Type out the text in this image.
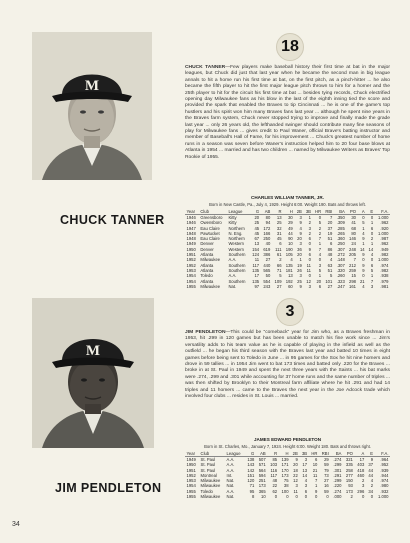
M
CHUCK TANNER
18
CHUCK TANNER—Few players make baseball history their first time at bat in the major leagues, but Chuck did just that last year when he became the second man in big league annals to hit a home run his first time at bat, on the first pitch, as a pinch-hitter ... he also became the fifth player to hit the first major league pitch thrown to him for a homer and the 25th player to hit for the circuit his first time at bat ... besides tying records, Chuck electrified opening day Milwaukee fans as his blow in the last of the eighth inning tied the score and provided the spark that enabled the Braves to tip Cincinnati ... he is one of the game's top hustlers and his spirit won him many Braves fans last year ... although he spent nine years in the Braves farm system, Chuck never stopped trying to improve and finally made the grade last year ... only 26 years old, the lefthanded swinger should contribute many fine seasons of play for Milwaukee fans ... gives credit to Paul Waner, official Brave's batting instructor and member of Baseball's Hall of Fame, for his improvement ... Chuck's greatest number of home runs in a season was seven before Waner's instruction helped him to 20 four base blows at Atlanta in 1954 ... married and has two children ... named by Milwaukee Writers as Braves' Top Rookie of 1955.
CHARLES WILLIAM TANNER, JR.
Born in New Castle, Pa., July 4, 1929. Height 6:00. Weight 190. Bats and throws left.
Year	Club	League	G	AB	R	H	2B	3B	HR	RBI	BA	PO	A	E	F.A.
1946	Greensboro	Kitty	20	80	13	30	3	1	0	7	.350	30	0	0	1.000
1946	Owensboro	Kitty	25	94	25	29	9	2	5	20	.309	41	5	1	.962
1947	Eau Claire	Northern	45	172	32	49	4	3	2	37	.285	68	1	6	.920
1948	Pawtucket	N. Eng.	45	166	31	44	9	2	2	19	.265	80	4	0	1.000
1948	Eau Claire	Northern	67	250	45	90	20	6	7	51	.360	146	9	2	.987
1949	Denver	Western	13	40	6	10	3	0	1	6	.250	24	1	1	.962
1950	Denver	Western	154	619	111	190	36	9	7	86	.307	248	14	14	.949
1951	Atlanta	Southern	124	386	61	105	20	6	4	48	.272	205	9	4	.982
1952	Milwaukee	A.A.	11	27	2	4	1	0	0	4	.148	7	0	0	1.000
1952	Atlanta	Southern	117	440	66	135	19	11	3	63	.307	212	9	6	.974
1953	Atlanta	Southern	135	565	71	181	26	11	5	51	.320	259	9	5	.982
1954	Toledo	A.A.	17	50	5	13	3	0	1	5	.260	15	0	1	.938
1954	Atlanta	Southern	135	554	109	192	25	12	20	101	.323	298	21	7	.979
1955	Milwaukee	Nat.	97	243	27	60	9	3	6	27	.247	161	4	3	.981
M
JIM PENDLETON
3
JIM PENDLETON—This could be "comeback" year for Jim who, as a Braves freshman in 1953, hit .299 in 120 games but has been unable to match his fine work since ... Jim's versatility adds to his team value as he is capable of playing in the infield as well as the outfield ... he began his third season with the Braves last year and batted 10 times in eight games before being sent to Toledo in June ... in 95 games for the Sox he hit nine homers and drove in 59 tallies ... in 1954 Jim went to bat 173 times and batted only .220 for the Braves ... broke in at St. Paul in 1949 and spent the next three years with the Saints ... his bat marks were .274, .299 and .301 while accounting for 37 home runs and the same number of triples ... was then shifted by Brooklyn to their Montreal farm affiliate where he hit .291 and had 14 triples and 11 homers ... came to the Braves the next year in the Joe Adcock trade which involved four clubs ... resides in St. Louis ... married.
JAMES EDWARD PENDLETON
Born in St. Charles, Mo., January 7, 1924. Height 6:00. Weight 180. Bats and throws right.
Year	Club	League	G	AB	R	H	2B	3B	HR	RBI	BA	PO	A	E	F.A.
1949	St. Paul	A.A.	138	507	85	139	9	3	6	29	.274	321	17	9	.964
1950	St. Paul	A.A.	143	571	103	171	20	17	10	59	.299	335	403	37	.952
1951	St. Paul	A.A.	142	564	116	170	18	13	21	79	.301	258	418	44	.939
1952	Montreal	Int.	151	594	117	173	22	14	11	73	.291	277	460	44	.944
1953	Milwaukee	Nat.	120	251	48	75	12	4	7	27	.299	150	2	4	.974
1954	Milwaukee	Nat.	71	173	22	38	3	3	1	16	.220	93	3	2	.980
1955	Toledo	A.A.	95	365	62	100	11	6	9	59	.274	173	296	34	.932
1955	Milwaukee	Nat.	8	10	0	0	0	0	0	0	.000	2	0	0	1.000
34
